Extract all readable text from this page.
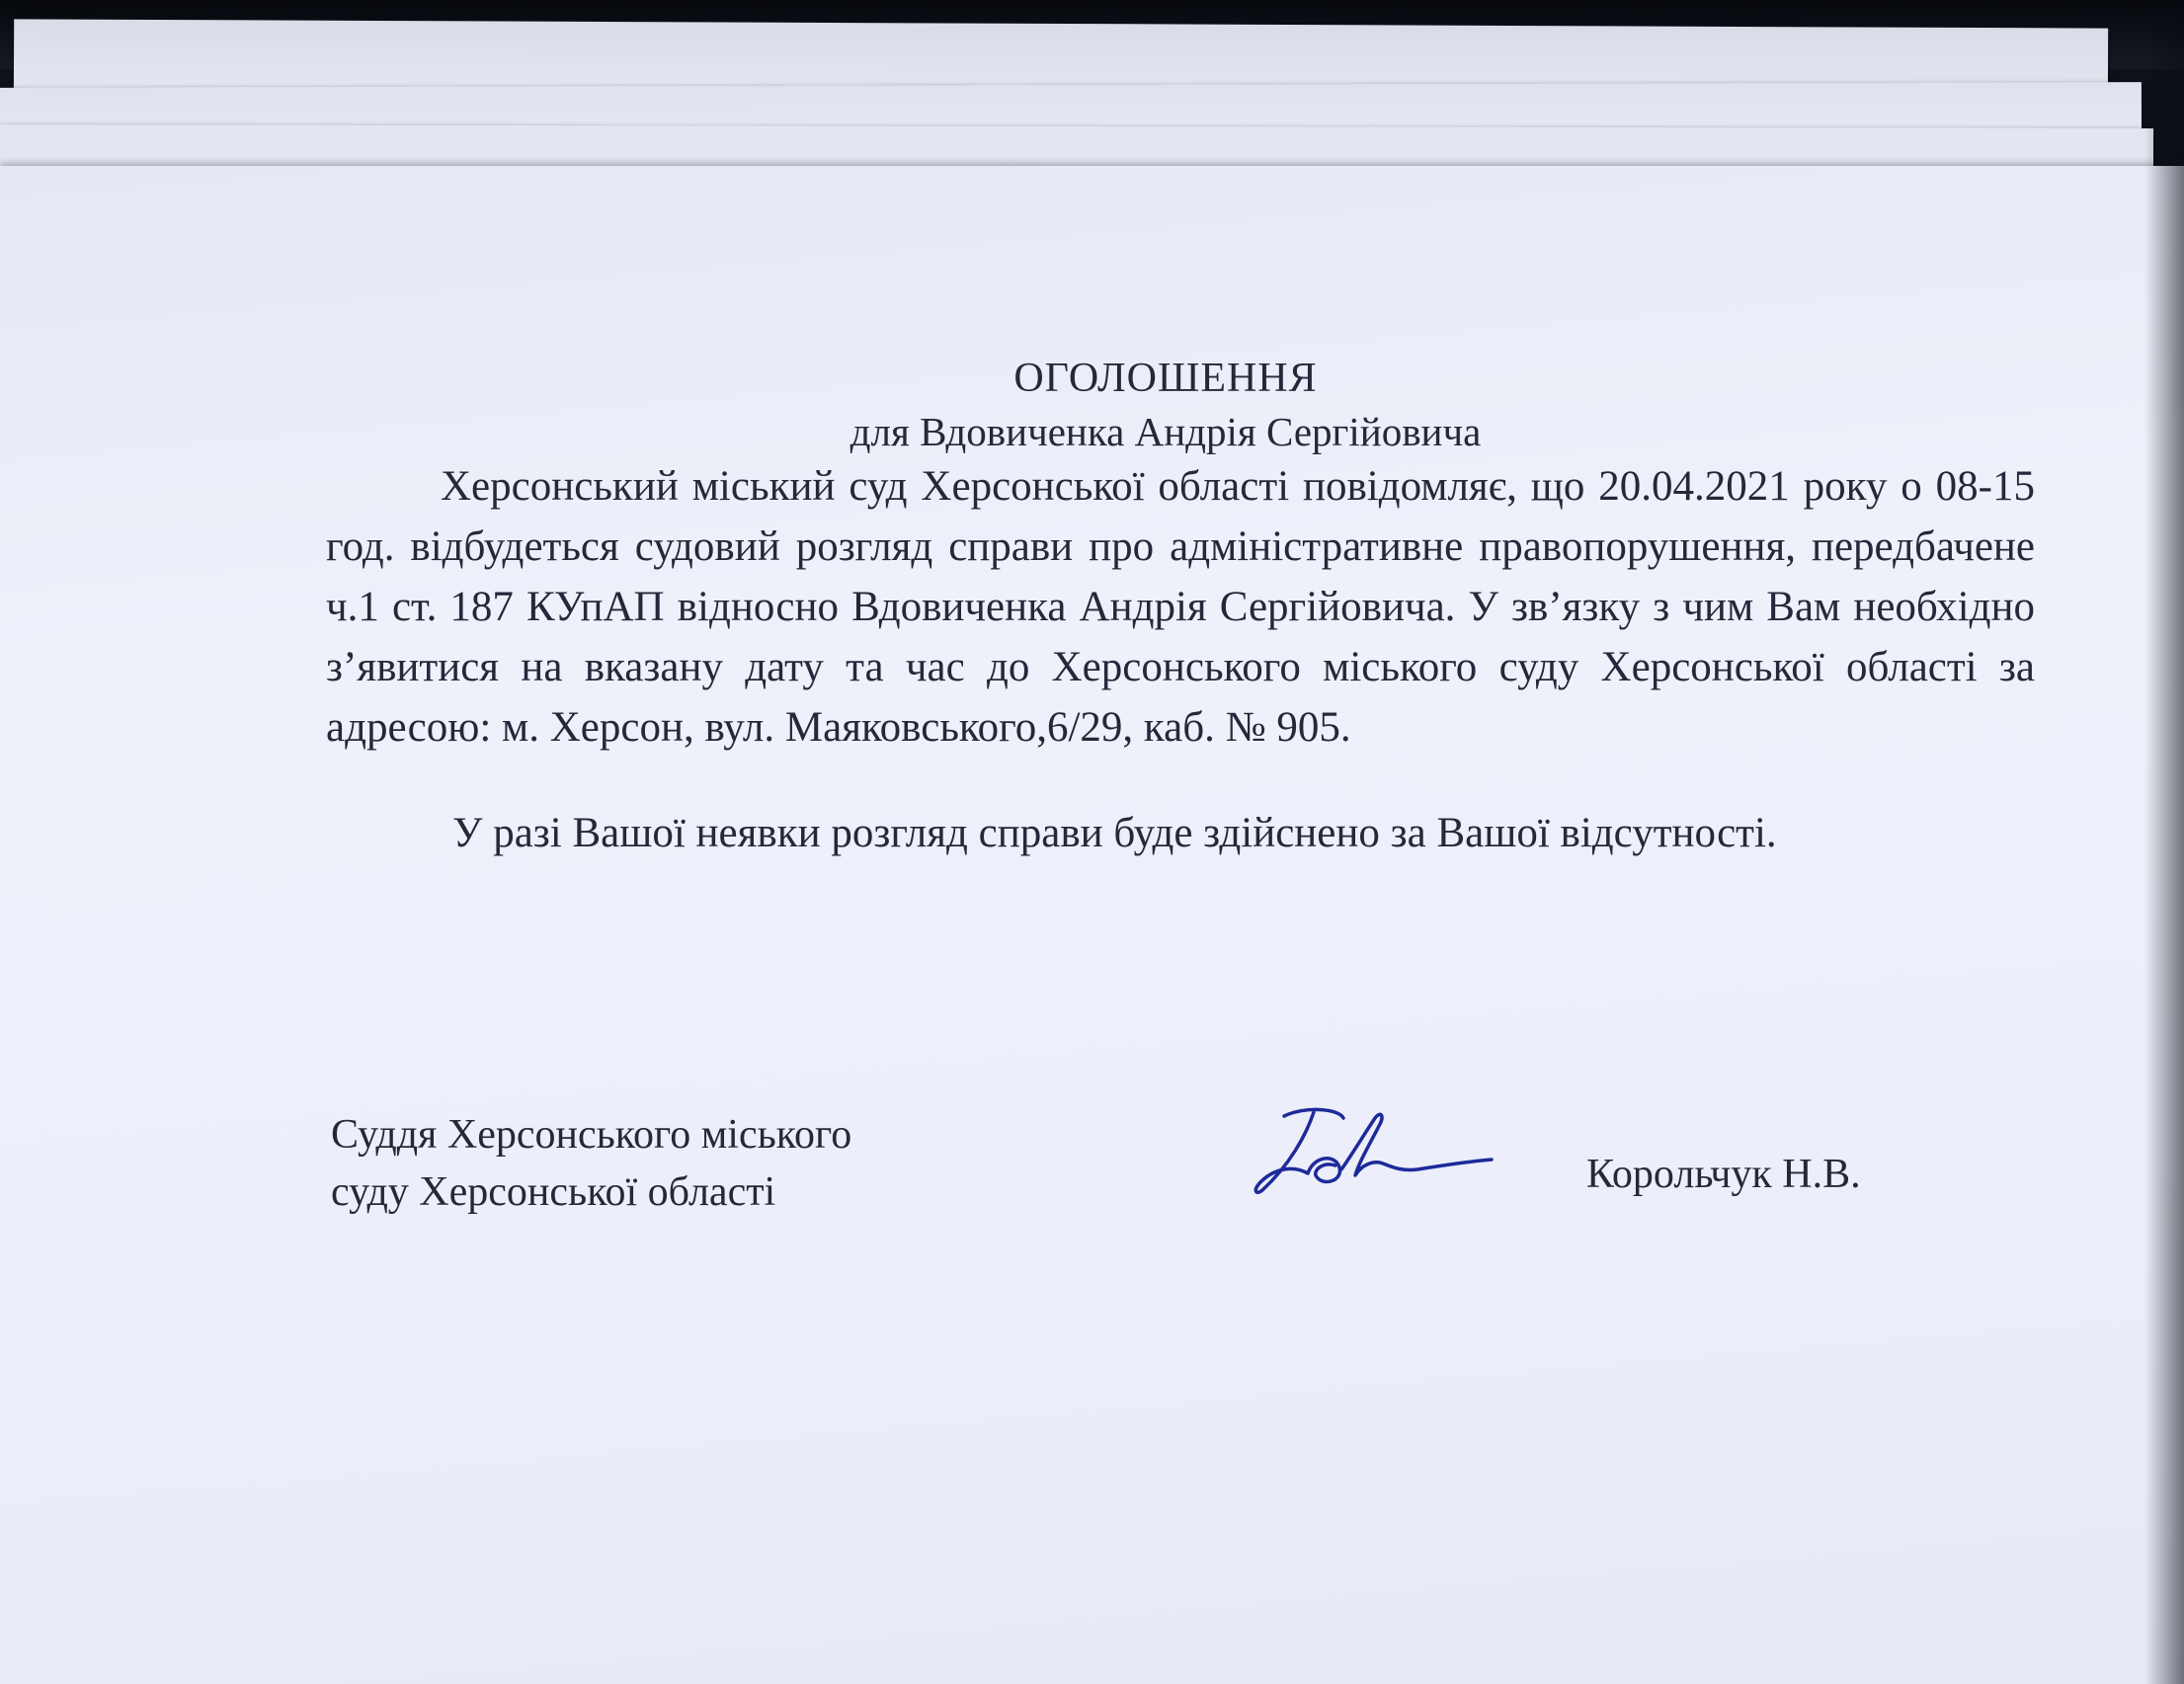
ОГОЛОШЕННЯ
для Вдовиченка Андрія Сергійовича
Херсонський міський суд Херсонської області повідомляє, що 20.04.2021 року о 08-15 год. відбудеться судовий розгляд справи про адміністративне правопорушення, передбачене ч.1 ст. 187 КУпАП відносно Вдовиченка Андрія Сергійовича. У зв’язку з чим Вам необхідно з’явитися на вказану дату та час до Херсонського міського суду Херсонської області за адресою: м. Херсон, вул. Маяковського,6/29, каб. № 905.
У разі Вашої неявки розгляд справи буде здійснено за Вашої відсутності.
Суддя Херсонського міського
суду Херсонської області	Корольчук Н.В.
